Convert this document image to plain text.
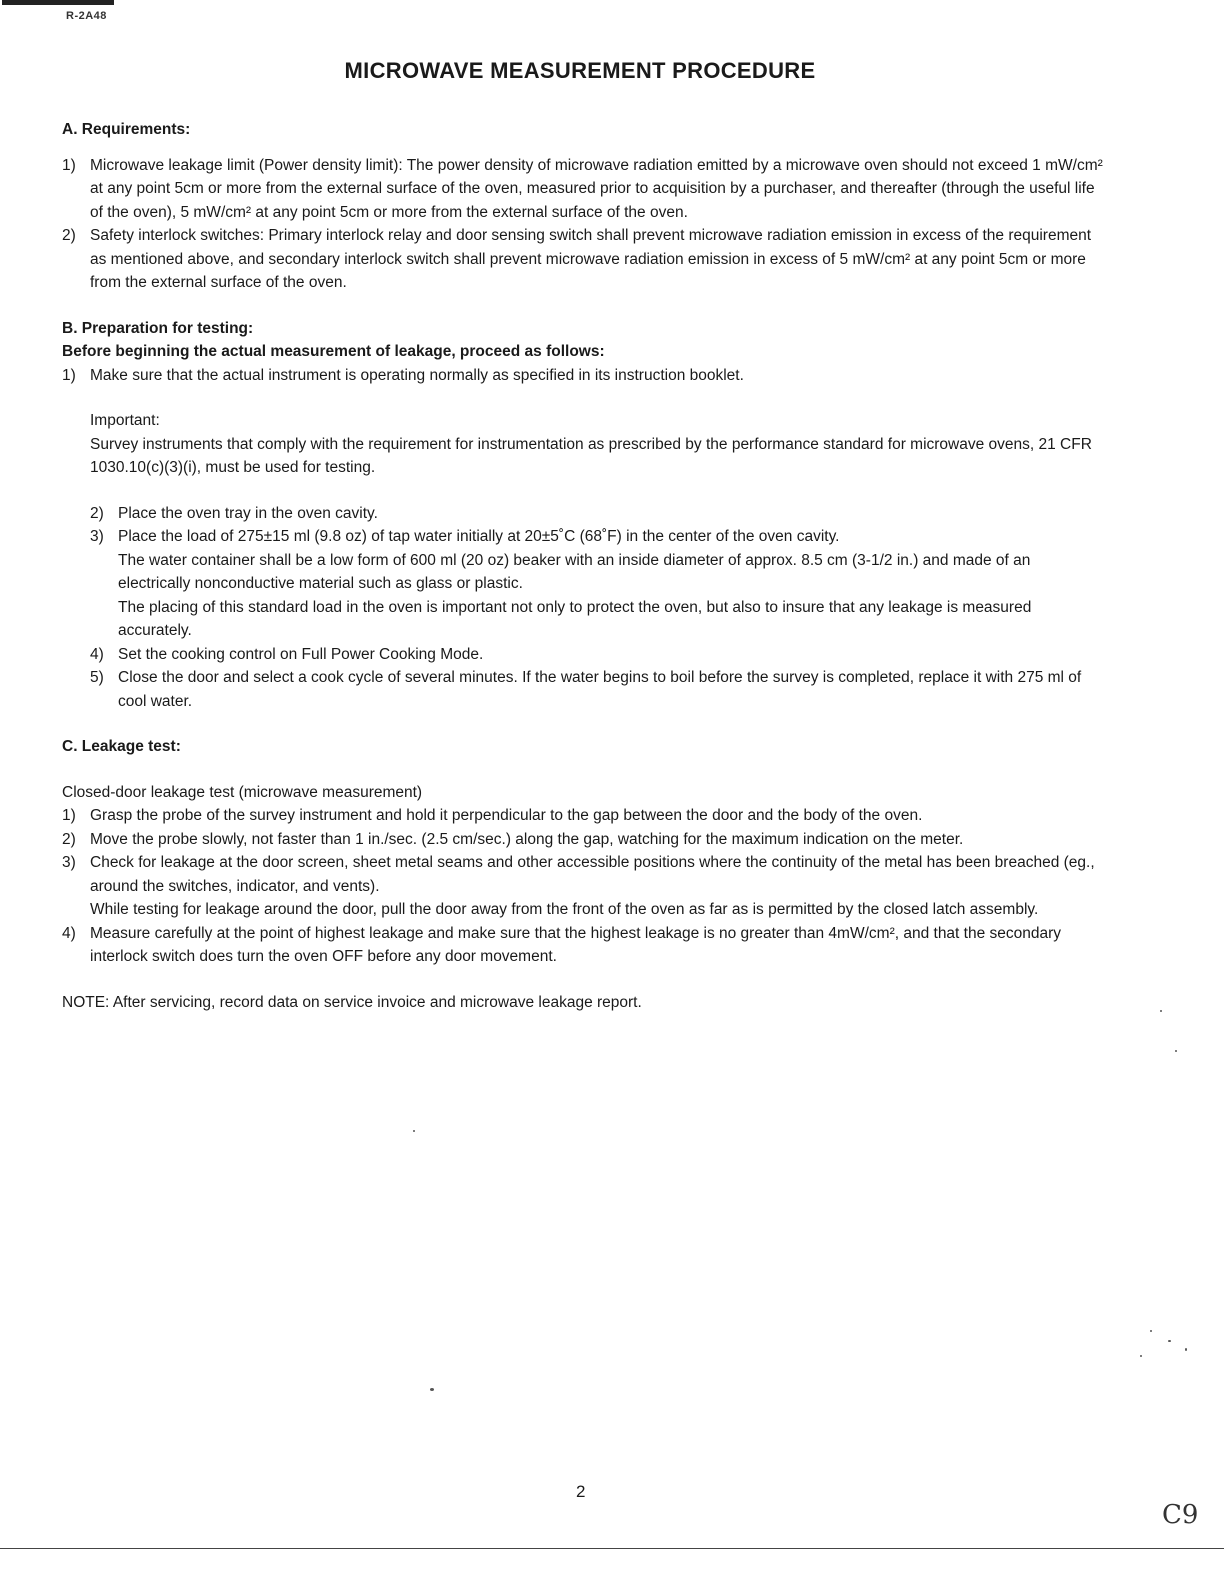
R-2A48
MICROWAVE MEASUREMENT PROCEDURE

A. Requirements:

1) Microwave leakage limit (Power density limit): The power density of microwave radiation emitted by a microwave oven should not exceed 1 mW/cm² at any point 5cm or more from the external surface of the oven, measured prior to acquisition by a purchaser, and thereafter (through the useful life of the oven), 5 mW/cm² at any point 5cm or more from the external surface of the oven.
2) Safety interlock switches: Primary interlock relay and door sensing switch shall prevent microwave radiation emission in excess of the requirement as mentioned above, and secondary interlock switch shall prevent microwave radiation emission in excess of 5 mW/cm² at any point 5cm or more from the external surface of the oven.

B. Preparation for testing:

Before beginning the actual measurement of leakage, proceed as follows:

1) Make sure that the actual instrument is operating normally as specified in its instruction booklet.
Important:
Survey instruments that comply with the requirement for instrumentation as prescribed by the performance standard for microwave ovens, 21 CFR 1030.10(c)(3)(i), must be used for testing.
2) Place the oven tray in the oven cavity.
3) Place the load of 275±15 ml (9.8 oz) of tap water initially at 20±5˚C (68˚F) in the center of the oven cavity.
The water container shall be a low form of 600 ml (20 oz) beaker with an inside diameter of approx. 8.5 cm (3-1/2 in.) and made of an electrically nonconductive material such as glass or plastic.
The placing of this standard load in the oven is important not only to protect the oven, but also to insure that any leakage is measured accurately.
4) Set the cooking control on Full Power Cooking Mode.
5) Close the door and select a cook cycle of several minutes. If the water begins to boil before the survey is completed, replace it with 275 ml of cool water.

C. Leakage test:

Closed-door leakage test (microwave measurement)
1) Grasp the probe of the survey instrument and hold it perpendicular to the gap between the door and the body of the oven.
2) Move the probe slowly, not faster than 1 in./sec. (2.5 cm/sec.) along the gap, watching for the maximum indication on the meter.
3) Check for leakage at the door screen, sheet metal seams and other accessible positions where the continuity of the metal has been breached (eg., around the switches, indicator, and vents).
While testing for leakage around the door, pull the door away from the front of the oven as far as is permitted by the closed latch assembly.
4) Measure carefully at the point of highest leakage and make sure that the highest leakage is no greater than 4mW/cm², and that the secondary interlock switch does turn the oven OFF before any door movement.
NOTE: After servicing, record data on service invoice and microwave leakage report.
2
C9
